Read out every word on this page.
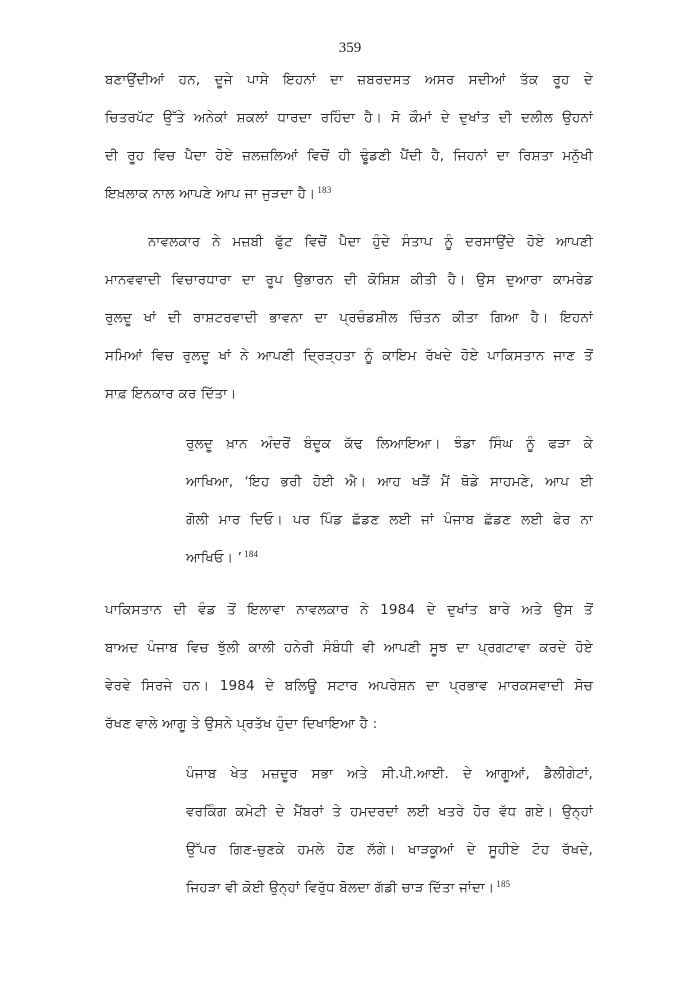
359
ਬਣਾਉਂਦੀਆਂ ਹਨ, ਦੂਜੇ ਪਾਸੇ ਇਹਨਾਂ ਦਾ ਜ਼ਬਰਦਸਤ ਅਸਰ ਸਦੀਆਂ ਤੱਕ ਰੂਹ ਦੇ
ਚਿਤਰਪੱਟ ਉੱਤੇ ਅਨੇਕਾਂ ਸ਼ਕਲਾਂ ਧਾਰਦਾ ਰਹਿੰਦਾ ਹੈ। ਸੋ ਕੌਮਾਂ ਦੇ ਦੁਖਾਂਤ ਦੀ ਦਲੀਲ ਉਹਨਾਂ
ਦੀ ਰੂਹ ਵਿਚ ਪੈਦਾ ਹੋਏ ਜ਼ਲਜ਼ਲਿਆਂ ਵਿਚੋਂ ਹੀ ਢੂੰਡਣੀ ਪੈਂਦੀ ਹੈ, ਜਿਹਨਾਂ ਦਾ ਰਿਸ਼ਤਾ ਮਨੁੱਖੀ
ਇਖ਼ਲਾਕ ਨਾਲ ਆਪਣੇ ਆਪ ਜਾ ਜੁੜਦਾ ਹੈ। $^{183}$
ਨਾਵਲਕਾਰ ਨੇ ਮਜ਼ਬੀ ਫੁੱਟ ਵਿਚੋਂ ਪੈਦਾ ਹੁੰਦੇ ਸੰਤਾਪ ਨੂੰ ਦਰਸਾਉਂਦੇ ਹੋਏ ਆਪਣੀ
ਮਾਨਵਵਾਦੀ ਵਿਚਾਰਧਾਰਾ ਦਾ ਰੂਪ ਉਭਾਰਨ ਦੀ ਕੋਸ਼ਿਸ਼ ਕੀਤੀ ਹੈ। ਉਸ ਦੁਆਰਾ ਕਾਮਰੇਡ
ਰੁਲਦੂ ਖਾਂ ਦੀ ਰਾਸ਼ਟਰਵਾਦੀ ਭਾਵਨਾ ਦਾ ਪ੍ਰਚੰਡਸ਼ੀਲ ਚਿੰਤਨ ਕੀਤਾ ਗਿਆ ਹੈ। ਇਹਨਾਂ
ਸਮਿਆਂ ਵਿਚ ਰੁਲਦੂ ਖਾਂ ਨੇ ਆਪਣੀ ਦ੍ਰਿੜ੍ਹਤਾ ਨੂੰ ਕਾਇਮ ਰੱਖਦੇ ਹੋਏ ਪਾਕਿਸਤਾਨ ਜਾਣ ਤੋਂ
ਸਾਫ਼ ਇਨਕਾਰ ਕਰ ਦਿੱਤਾ।
ਰੁਲਦੂ ਖ਼ਾਨ ਅੰਦਰੋਂ ਬੰਦੂਕ ਕੱਢ ਲਿਆਇਆ। ਝੰਡਾ ਸਿੰਘ ਨੂੰ ਫੜਾ ਕੇ
ਆਖਿਆ, ‘ਇਹ ਭਰੀ ਹੋਈ ਐ। ਆਹ ਖੜੈਂ ਮੈਂ ਥੋਡੇ ਸਾਹਮਣੇ, ਆਪ ਈ
ਗੋਲੀ ਮਾਰ ਦਿਓ। ਪਰ ਪਿੰਡ ਛੱਡਣ ਲਈ ਜਾਂ ਪੰਜਾਬ ਛੱਡਣ ਲਈ ਫੇਰ ਨਾ
ਆਖਿਓ। ’ $^{184}$
ਪਾਕਿਸਤਾਨ ਦੀ ਵੰਡ ਤੋਂ ਇਲਾਵਾ ਨਾਵਲਕਾਰ ਨੇ 1984 ਦੇ ਦੁਖਾਂਤ ਬਾਰੇ ਅਤੇ ਉਸ ਤੋਂ
ਬਾਅਦ ਪੰਜਾਬ ਵਿਚ ਝੁੱਲੀ ਕਾਲੀ ਹਨੇਰੀ ਸੰਬੰਧੀ ਵੀ ਆਪਣੀ ਸੂਝ ਦਾ ਪ੍ਰਗਟਾਵਾ ਕਰਦੇ ਹੋਏ
ਵੇਰਵੇ ਸਿਰਜੇ ਹਨ। 1984 ਦੇ ਬਲਿਊ ਸਟਾਰ ਅਪਰੇਸ਼ਨ ਦਾ ਪ੍ਰਭਾਵ ਮਾਰਕਸਵਾਦੀ ਸੋਚ
ਰੱਖਣ ਵਾਲੇ ਆਗੂ ਤੇ ਉਸਨੇ ਪ੍ਰਤੱਖ ਹੁੰਦਾ ਦਿਖਾਇਆ ਹੈ :
ਪੰਜਾਬ ਖੇਤ ਮਜ਼ਦੂਰ ਸਭਾ ਅਤੇ ਸੀ.ਪੀ.ਆਈ. ਦੇ ਆਗੂਆਂ, ਡੈਲੀਗੇਟਾਂ,
ਵਰਕਿੰਗ ਕਮੇਟੀ ਦੇ ਮੈਂਬਰਾਂ ਤੇ ਹਮਦਰਦਾਂ ਲਈ ਖਤਰੇ ਹੋਰ ਵੱਧ ਗਏ। ਉਨ੍ਹਾਂ
ਉੱਪਰ ਗਿਣ-ਚੁਣਕੇ ਹਮਲੇ ਹੋਣ ਲੱਗੇ। ਖਾੜਕੂਆਂ ਦੇ ਸੂਹੀਏ ਟੋਹ ਰੱਖਦੇ,
ਜਿਹੜਾ ਵੀ ਕੋਈ ਉਨ੍ਹਾਂ ਵਿਰੁੱਧ ਬੋਲਦਾ ਗੱਡੀ ਚਾੜ ਦਿੱਤਾ ਜਾਂਦਾ। $^{185}$
